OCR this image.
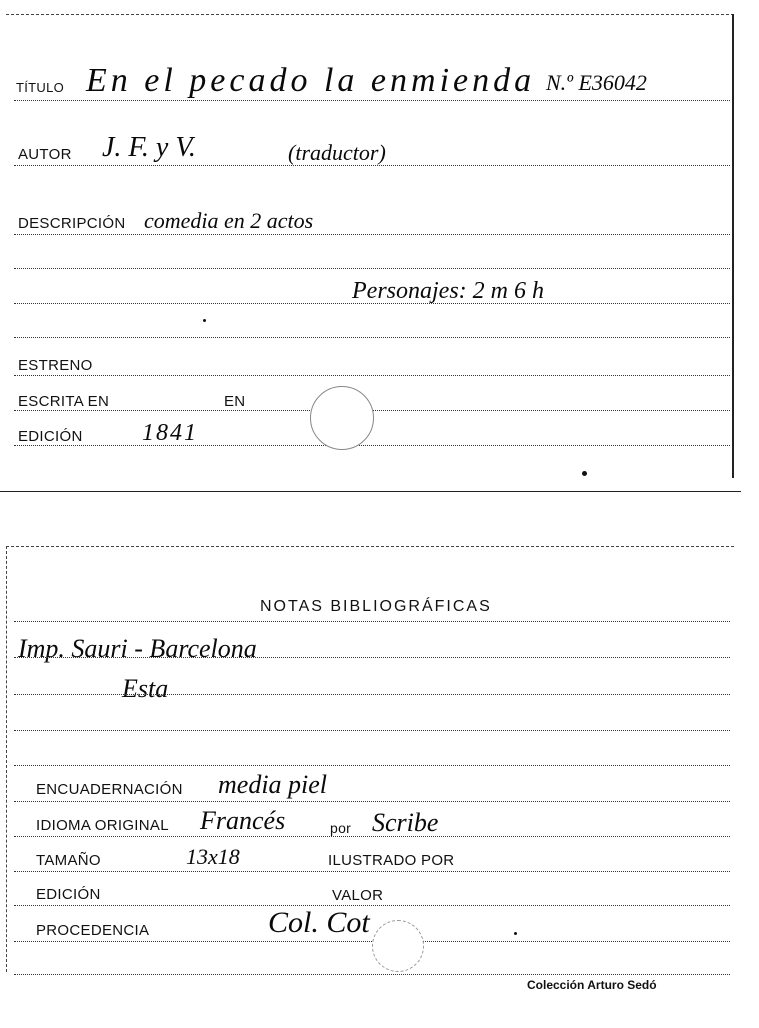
TÍTULO En el pecado la enmienda N.º E36042
AUTOR J. F. y V.	(traductor)
DESCRIPCIÓN comedia en 2 actos
Personajes: 2 m 6 h
ESTRENO
ESCRITA EN	EN
EDICIÓN 1841
NOTAS BIBLIOGRÁFICAS
Imp. Sauri - Barcelona
Esta
ENCUADERNACIÓN media piel
IDIOMA ORIGINAL Francés	por Scribe
TAMAÑO	13x18	ILUSTRADO POR
EDICIÓN	VALOR
PROCEDENCIA	Col. Cot
Colección Arturo Sedó
